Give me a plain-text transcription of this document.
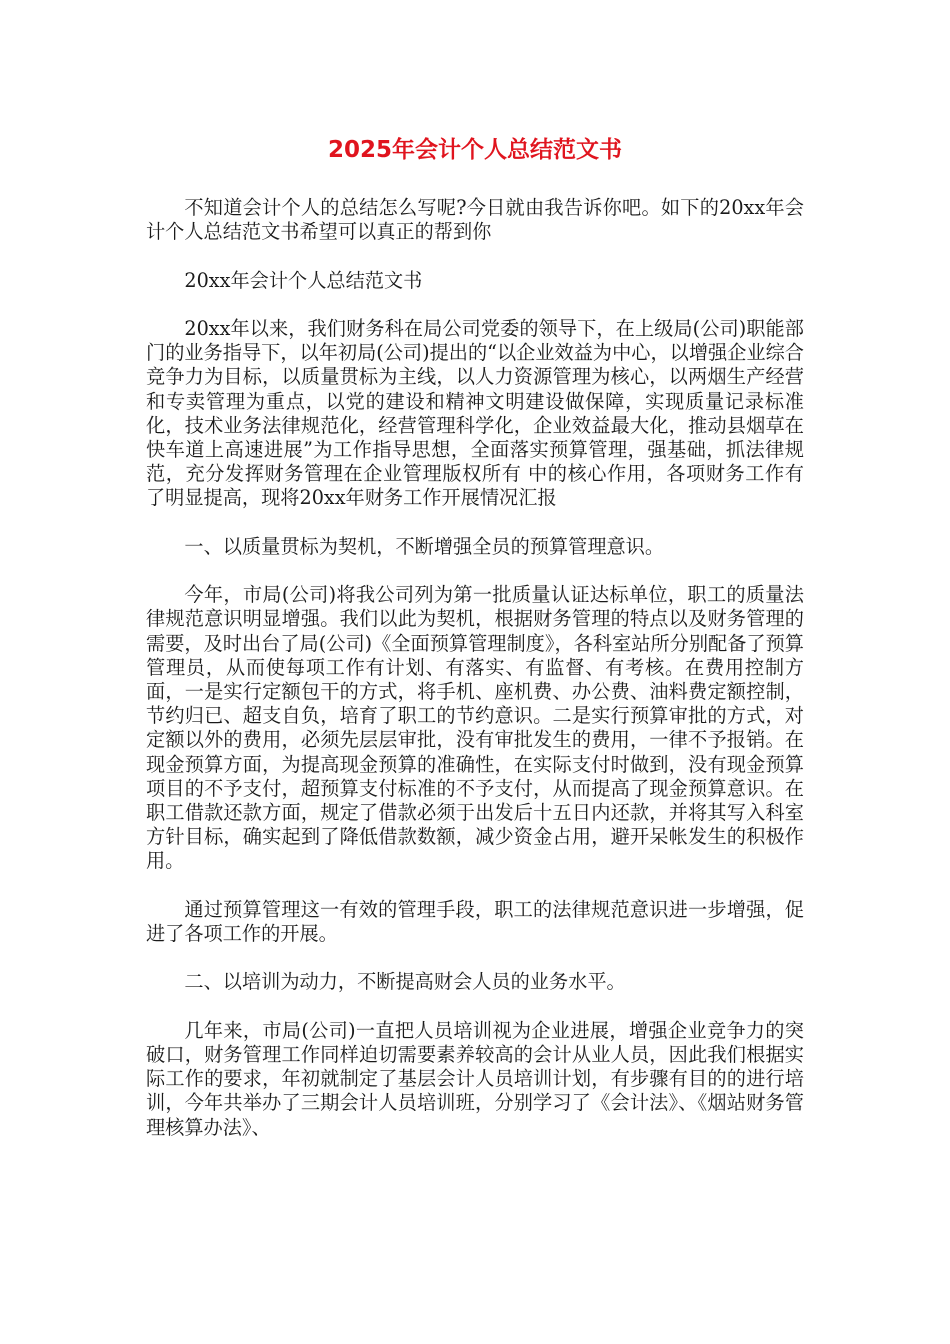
2025年会计个人总结范文书

不知道会计个人的总结怎么写呢?今日就由我告诉你吧。如下的20xx年会计个人总结范文书希望可以真正的帮到你

20xx年会计个人总结范文书

20xx年以来，我们财务科在局公司党委的领导下，在上级局(公司)职能部门的业务指导下，以年初局(公司)提出的“以企业效益为中心，以增强企业综合竞争力为目标，以质量贯标为主线，以人力资源管理为核心，以两烟生产经营和专卖管理为重点，以党的建设和精神文明建设做保障，实现质量记录标准化，技术业务法律规范化，经营管理科学化，企业效益最大化，推动县烟草在快车道上高速进展”为工作指导思想，全面落实预算管理，强基础，抓法律规范，充分发挥财务管理在企业管理版权所有 中的核心作用，各项财务工作有了明显提高，现将20xx年财务工作开展情况汇报

一、以质量贯标为契机，不断增强全员的预算管理意识。

今年，市局(公司)将我公司列为第一批质量认证达标单位，职工的质量法律规范意识明显增强。我们以此为契机，根据财务管理的特点以及财务管理的需要，及时出台了局(公司)《全面预算管理制度》，各科室站所分别配备了预算管理员，从而使每项工作有计划、有落实、有监督、有考核。在费用控制方面，一是实行定额包干的方式，将手机、座机费、办公费、油料费定额控制，节约归已、超支自负，培育了职工的节约意识。二是实行预算审批的方式，对定额以外的费用，必须先层层审批，没有审批发生的费用，一律不予报销。在现金预算方面，为提高现金预算的准确性，在实际支付时做到，没有现金预算项目的不予支付，超预算支付标准的不予支付，从而提高了现金预算意识。在职工借款还款方面，规定了借款必须于出发后十五日内还款，并将其写入科室方针目标，确实起到了降低借款数额，减少资金占用，避开呆帐发生的积极作用。

通过预算管理这一有效的管理手段，职工的法律规范意识进一步增强，促进了各项工作的开展。

二、以培训为动力，不断提高财会人员的业务水平。

几年来，市局(公司)一直把人员培训视为企业进展，增强企业竞争力的突破口，财务管理工作同样迫切需要素养较高的会计从业人员，因此我们根据实际工作的要求，年初就制定了基层会计人员培训计划，有步骤有目的的进行培训，今年共举办了三期会计人员培训班，分别学习了《会计法》、《烟站财务管理核算办法》、
